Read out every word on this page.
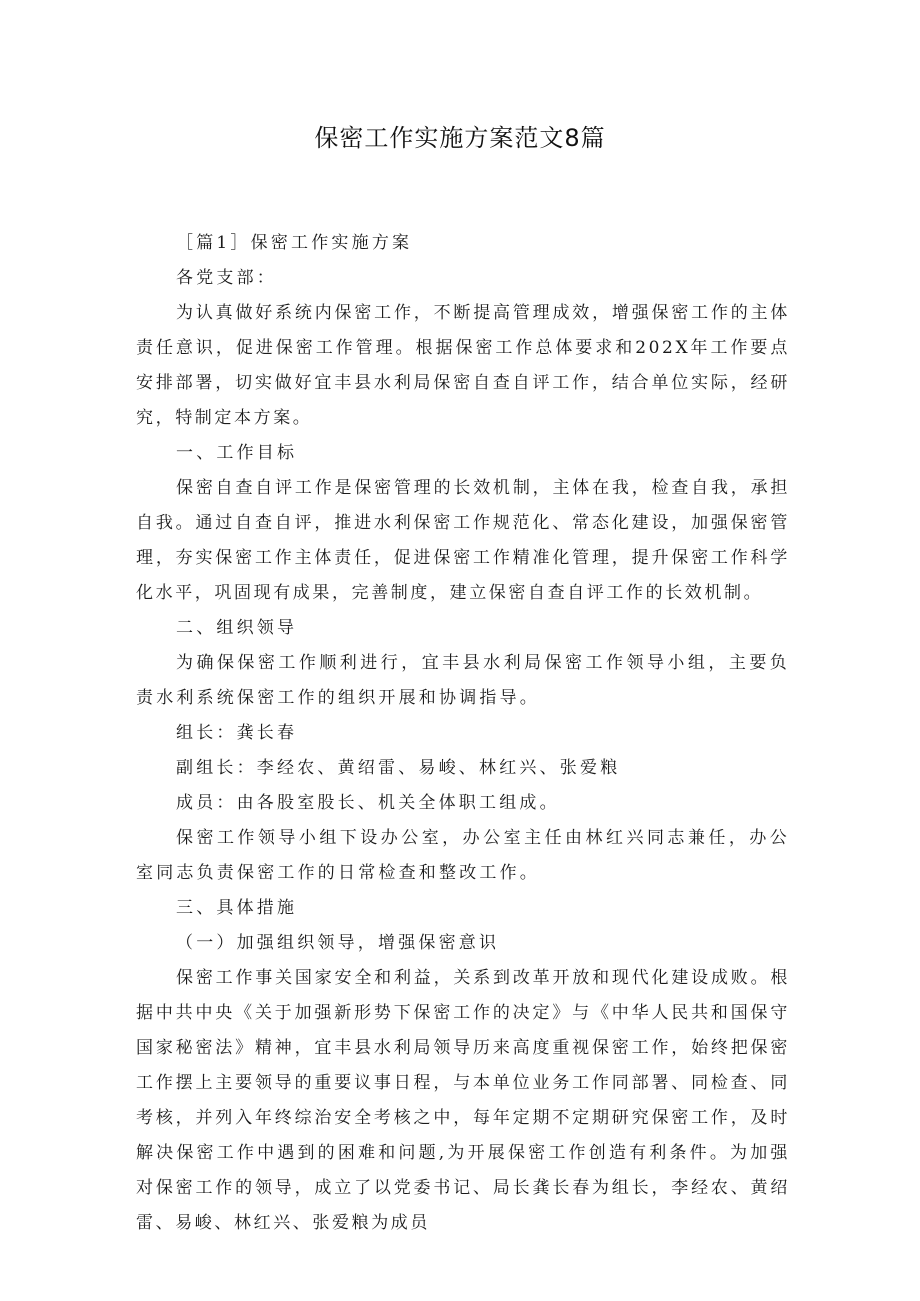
保密工作实施方案范文8篇

［篇1］保密工作实施方案

各党支部：

为认真做好系统内保密工作，不断提高管理成效，增强保密工作的主体责任意识，促进保密工作管理。根据保密工作总体要求和202X年工作要点安排部署，切实做好宜丰县水利局保密自查自评工作，结合单位实际，经研究，特制定本方案。

一、工作目标

保密自查自评工作是保密管理的长效机制，主体在我，检查自我，承担自我。通过自查自评，推进水利保密工作规范化、常态化建设，加强保密管理，夯实保密工作主体责任，促进保密工作精准化管理，提升保密工作科学化水平，巩固现有成果，完善制度，建立保密自查自评工作的长效机制。

二、组织领导

为确保保密工作顺利进行，宜丰县水利局保密工作领导小组，主要负责水利系统保密工作的组织开展和协调指导。

组长：龚长春

副组长：李经农、黄绍雷、易峻、林红兴、张爱粮

成员：由各股室股长、机关全体职工组成。

保密工作领导小组下设办公室，办公室主任由林红兴同志兼任，办公室同志负责保密工作的日常检查和整改工作。

三、具体措施

（一）加强组织领导，增强保密意识

保密工作事关国家安全和利益，关系到改革开放和现代化建设成败。根据中共中央《关于加强新形势下保密工作的决定》与《中华人民共和国保守国家秘密法》精神，宜丰县水利局领导历来高度重视保密工作，始终把保密工作摆上主要领导的重要议事日程，与本单位业务工作同部署、同检查、同考核，并列入年终综治安全考核之中，每年定期不定期研究保密工作，及时解决保密工作中遇到的困难和问题,为开展保密工作创造有利条件。为加强对保密工作的领导，成立了以党委书记、局长龚长春为组长，李经农、黄绍雷、易峻、林红兴、张爱粮为成员
